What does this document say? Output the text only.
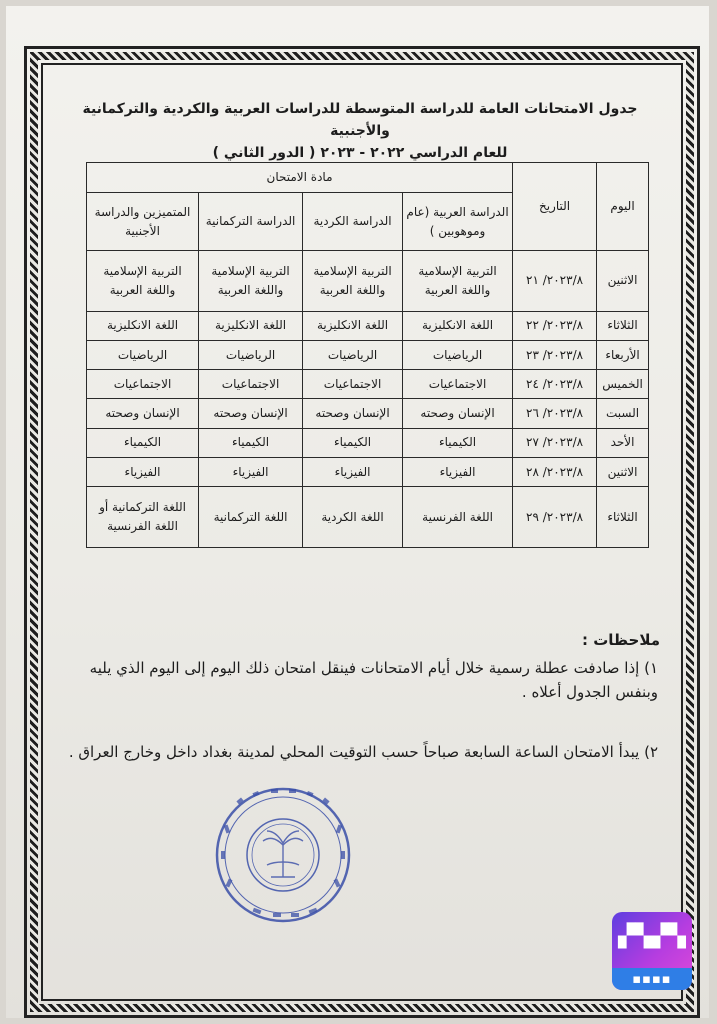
جدول الامتحانات العامة للدراسة المتوسطة للدراسات العربية والكردية والتركمانية والأجنبية
للعام الدراسي ٢٠٢٢ - ٢٠٢٣ ( الدور الثاني )
اليوم	التاريخ	مادة الامتحان			
		الدراسة العربية (عام وموهوبين )	الدراسة الكردية	الدراسة التركمانية	المتميزين والدراسة الأجنبية
الاثنين	٢٠٢٣/٨/ ٢١	التربية الإسلامية واللغة العربية	التربية الإسلامية واللغة العربية	التربية الإسلامية واللغة العربية	التربية الإسلامية واللغة العربية
الثلاثاء	٢٠٢٣/٨/ ٢٢	اللغة الانكليزية	اللغة الانكليزية	اللغة الانكليزية	اللغة الانكليزية
الأربعاء	٢٠٢٣/٨/ ٢٣	الرياضيات	الرياضيات	الرياضيات	الرياضيات
الخميس	٢٠٢٣/٨/ ٢٤	الاجتماعيات	الاجتماعيات	الاجتماعيات	الاجتماعيات
السبت	٢٠٢٣/٨/ ٢٦	الإنسان وصحته	الإنسان وصحته	الإنسان وصحته	الإنسان وصحته
الأحد	٢٠٢٣/٨/ ٢٧	الكيمياء	الكيمياء	الكيمياء	الكيمياء
الاثنين	٢٠٢٣/٨/ ٢٨	الفيزياء	الفيزياء	الفيزياء	الفيزياء
الثلاثاء	٢٠٢٣/٨/ ٢٩	اللغة الفرنسية	اللغة الكردية	اللغة التركمانية	اللغة التركمانية أو اللغة الفرنسية
ملاحظات :

١) إذا صادفت عطلة رسمية خلال أيام الامتحانات فينقل امتحان ذلك اليوم إلى اليوم الذي يليه وبنفس الجدول أعلاه .

٢) يبدأ الامتحان الساعة السابعة صباحاً حسب التوقيت المحلي لمدينة بغداد داخل وخارج العراق .

▚▞▚▞
▪▪▪▪
